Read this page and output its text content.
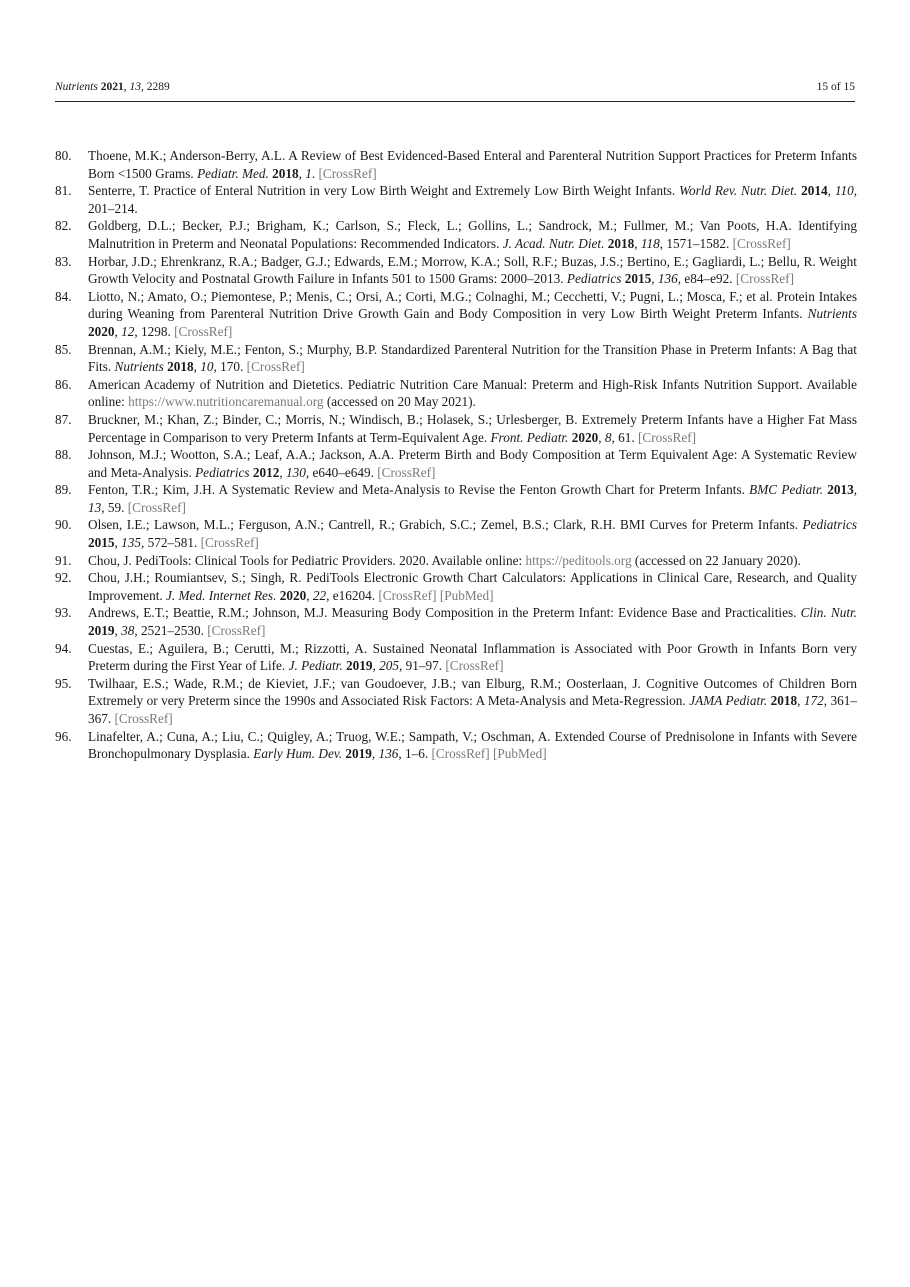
Nutrients 2021, 13, 2289	15 of 15
80.	Thoene, M.K.; Anderson-Berry, A.L. A Review of Best Evidenced-Based Enteral and Parenteral Nutrition Support Practices for Preterm Infants Born <1500 Grams. Pediatr. Med. 2018, 1. [CrossRef]
81.	Senterre, T. Practice of Enteral Nutrition in very Low Birth Weight and Extremely Low Birth Weight Infants. World Rev. Nutr. Diet. 2014, 110, 201–214.
82.	Goldberg, D.L.; Becker, P.J.; Brigham, K.; Carlson, S.; Fleck, L.; Gollins, L.; Sandrock, M.; Fullmer, M.; Van Poots, H.A. Identifying Malnutrition in Preterm and Neonatal Populations: Recommended Indicators. J. Acad. Nutr. Diet. 2018, 118, 1571–1582. [CrossRef]
83.	Horbar, J.D.; Ehrenkranz, R.A.; Badger, G.J.; Edwards, E.M.; Morrow, K.A.; Soll, R.F.; Buzas, J.S.; Bertino, E.; Gagliardi, L.; Bellu, R. Weight Growth Velocity and Postnatal Growth Failure in Infants 501 to 1500 Grams: 2000–2013. Pediatrics 2015, 136, e84–e92. [CrossRef]
84.	Liotto, N.; Amato, O.; Piemontese, P.; Menis, C.; Orsi, A.; Corti, M.G.; Colnaghi, M.; Cecchetti, V.; Pugni, L.; Mosca, F.; et al. Protein Intakes during Weaning from Parenteral Nutrition Drive Growth Gain and Body Composition in very Low Birth Weight Preterm Infants. Nutrients 2020, 12, 1298. [CrossRef]
85.	Brennan, A.M.; Kiely, M.E.; Fenton, S.; Murphy, B.P. Standardized Parenteral Nutrition for the Transition Phase in Preterm Infants: A Bag that Fits. Nutrients 2018, 10, 170. [CrossRef]
86.	American Academy of Nutrition and Dietetics. Pediatric Nutrition Care Manual: Preterm and High-Risk Infants Nutrition Support. Available online: https://www.nutritioncaremanual.org (accessed on 20 May 2021).
87.	Bruckner, M.; Khan, Z.; Binder, C.; Morris, N.; Windisch, B.; Holasek, S.; Urlesberger, B. Extremely Preterm Infants have a Higher Fat Mass Percentage in Comparison to very Preterm Infants at Term-Equivalent Age. Front. Pediatr. 2020, 8, 61. [CrossRef]
88.	Johnson, M.J.; Wootton, S.A.; Leaf, A.A.; Jackson, A.A. Preterm Birth and Body Composition at Term Equivalent Age: A Systematic Review and Meta-Analysis. Pediatrics 2012, 130, e640–e649. [CrossRef]
89.	Fenton, T.R.; Kim, J.H. A Systematic Review and Meta-Analysis to Revise the Fenton Growth Chart for Preterm Infants. BMC Pediatr. 2013, 13, 59. [CrossRef]
90.	Olsen, I.E.; Lawson, M.L.; Ferguson, A.N.; Cantrell, R.; Grabich, S.C.; Zemel, B.S.; Clark, R.H. BMI Curves for Preterm Infants. Pediatrics 2015, 135, 572–581. [CrossRef]
91.	Chou, J. PediTools: Clinical Tools for Pediatric Providers. 2020. Available online: https://peditools.org (accessed on 22 January 2020).
92.	Chou, J.H.; Roumiantsev, S.; Singh, R. PediTools Electronic Growth Chart Calculators: Applications in Clinical Care, Research, and Quality Improvement. J. Med. Internet Res. 2020, 22, e16204. [CrossRef] [PubMed]
93.	Andrews, E.T.; Beattie, R.M.; Johnson, M.J. Measuring Body Composition in the Preterm Infant: Evidence Base and Practicalities. Clin. Nutr. 2019, 38, 2521–2530. [CrossRef]
94.	Cuestas, E.; Aguilera, B.; Cerutti, M.; Rizzotti, A. Sustained Neonatal Inflammation is Associated with Poor Growth in Infants Born very Preterm during the First Year of Life. J. Pediatr. 2019, 205, 91–97. [CrossRef]
95.	Twilhaar, E.S.; Wade, R.M.; de Kieviet, J.F.; van Goudoever, J.B.; van Elburg, R.M.; Oosterlaan, J. Cognitive Outcomes of Children Born Extremely or very Preterm since the 1990s and Associated Risk Factors: A Meta-Analysis and Meta-Regression. JAMA Pediatr. 2018, 172, 361–367. [CrossRef]
96.	Linafelter, A.; Cuna, A.; Liu, C.; Quigley, A.; Truog, W.E.; Sampath, V.; Oschman, A. Extended Course of Prednisolone in Infants with Severe Bronchopulmonary Dysplasia. Early Hum. Dev. 2019, 136, 1–6. [CrossRef] [PubMed]
